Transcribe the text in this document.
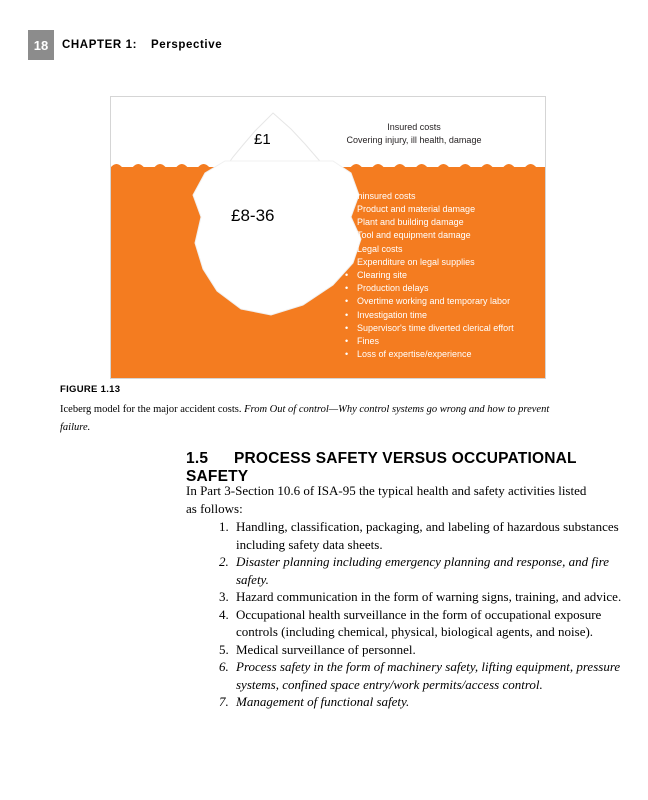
18	CHAPTER 1: Perspective
£1
£8-36
Insured costs
Covering injury, ill health, damage
Uninsured costs
• Product and material damage
• Plant and building damage
• Tool and equipment damage
• Legal costs
• Expenditure on legal supplies
• Clearing site
• Production delays
• Overtime working and temporary labor
• Investigation time
• Supervisor's time diverted clerical effort
• Fines
• Loss of expertise/experience
FIGURE 1.13
Iceberg model for the major accident costs. From Out of control—Why control systems go wrong and how to prevent failure.
1.5 PROCESS SAFETY VERSUS OCCUPATIONAL SAFETY
In Part 3-Section 10.6 of ISA-95 the typical health and safety activities listed as follows:
1. Handling, classification, packaging, and labeling of hazardous substances including safety data sheets.
2. Disaster planning including emergency planning and response, and fire safety.
3. Hazard communication in the form of warning signs, training, and advice.
4. Occupational health surveillance in the form of occupational exposure controls (including chemical, physical, biological agents, and noise).
5. Medical surveillance of personnel.
6. Process safety in the form of machinery safety, lifting equipment, pressure systems, confined space entry/work permits/access control.
7. Management of functional safety.
